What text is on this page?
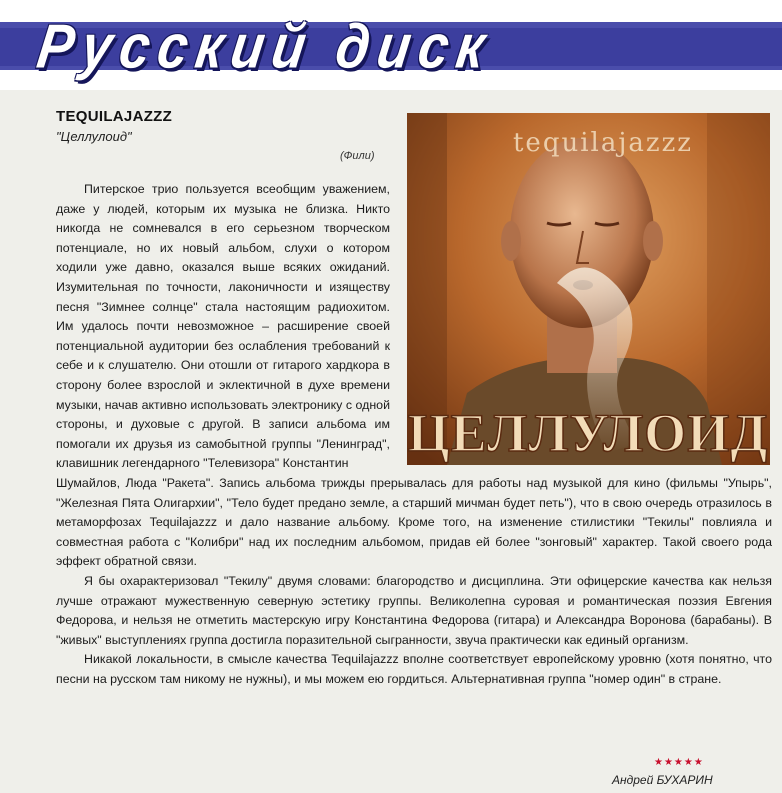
Русский диск
TEQUILAJAZZZ
"Целлулоид"
(Фили)	tequilajazzz
ЦЕЛЛУЛОИД
Питерское трио пользуется всеобщим уважением, даже у людей, которым их музыка не близка. Никто никогда не сомневался в его серьезном творческом потенциале, но их новый альбом, слухи о котором ходили уже давно, оказался выше всяких ожиданий. Изумительная по точности, лаконичности и изяществу песня "Зимнее солнце" стала настоящим радиохитом. Им удалось почти невозможное – расширение своей потенциальной аудитории без ослабления требований к себе и к слушателю. Они отошли от гитарого хардкора в сторону более взрослой и эклектичной в духе времени музыки, начав активно использовать электронику с одной стороны, и духовые с другой. В записи альбома им помогали их друзья из самобытной группы "Ленинград", клавишник легендарного "Телевизора" Константин
Я бы охарактеризовал "Текилу" двумя словами: благородство и дисциплина. Эти офицерские качества как нельзя лучше отражают мужественную северную эстетику группы. Великолепна суровая и романтическая поэзия Евгения Федорова, и нельзя не отметить мастерскую игру Константина Федорова (гитара) и Александра Воронова (барабаны). В "живых" выступлениях группа достигла поразительной сыгранности, звуча практически как единый организм.
Никакой локальности, в смысле качества Tequilajazzz вполне соответствует европейскому уровню (хотя понятно, что песни на русском там никому не нужны), и мы можем ею гордиться. Альтернативная группа "номер один" в стране.
★★★★★
Андрей БУХАРИН
Шумайлов, Люда "Ракета". Запись альбома трижды прерывалась для работы над музыкой для кино (фильмы "Упырь", "Железная Пята Олигархии", "Тело будет предано земле, а старший мичман будет петь"), что в свою очередь отразилось в метаморфозах Tequilajazzz и дало название альбому. Кроме того, на изменение стилистики "Текилы" повлияла и совместная работа с "Колибри" над их последним альбомом, придав ей более "зонговый" характер. Такой своего рода эффект обратной связи.
